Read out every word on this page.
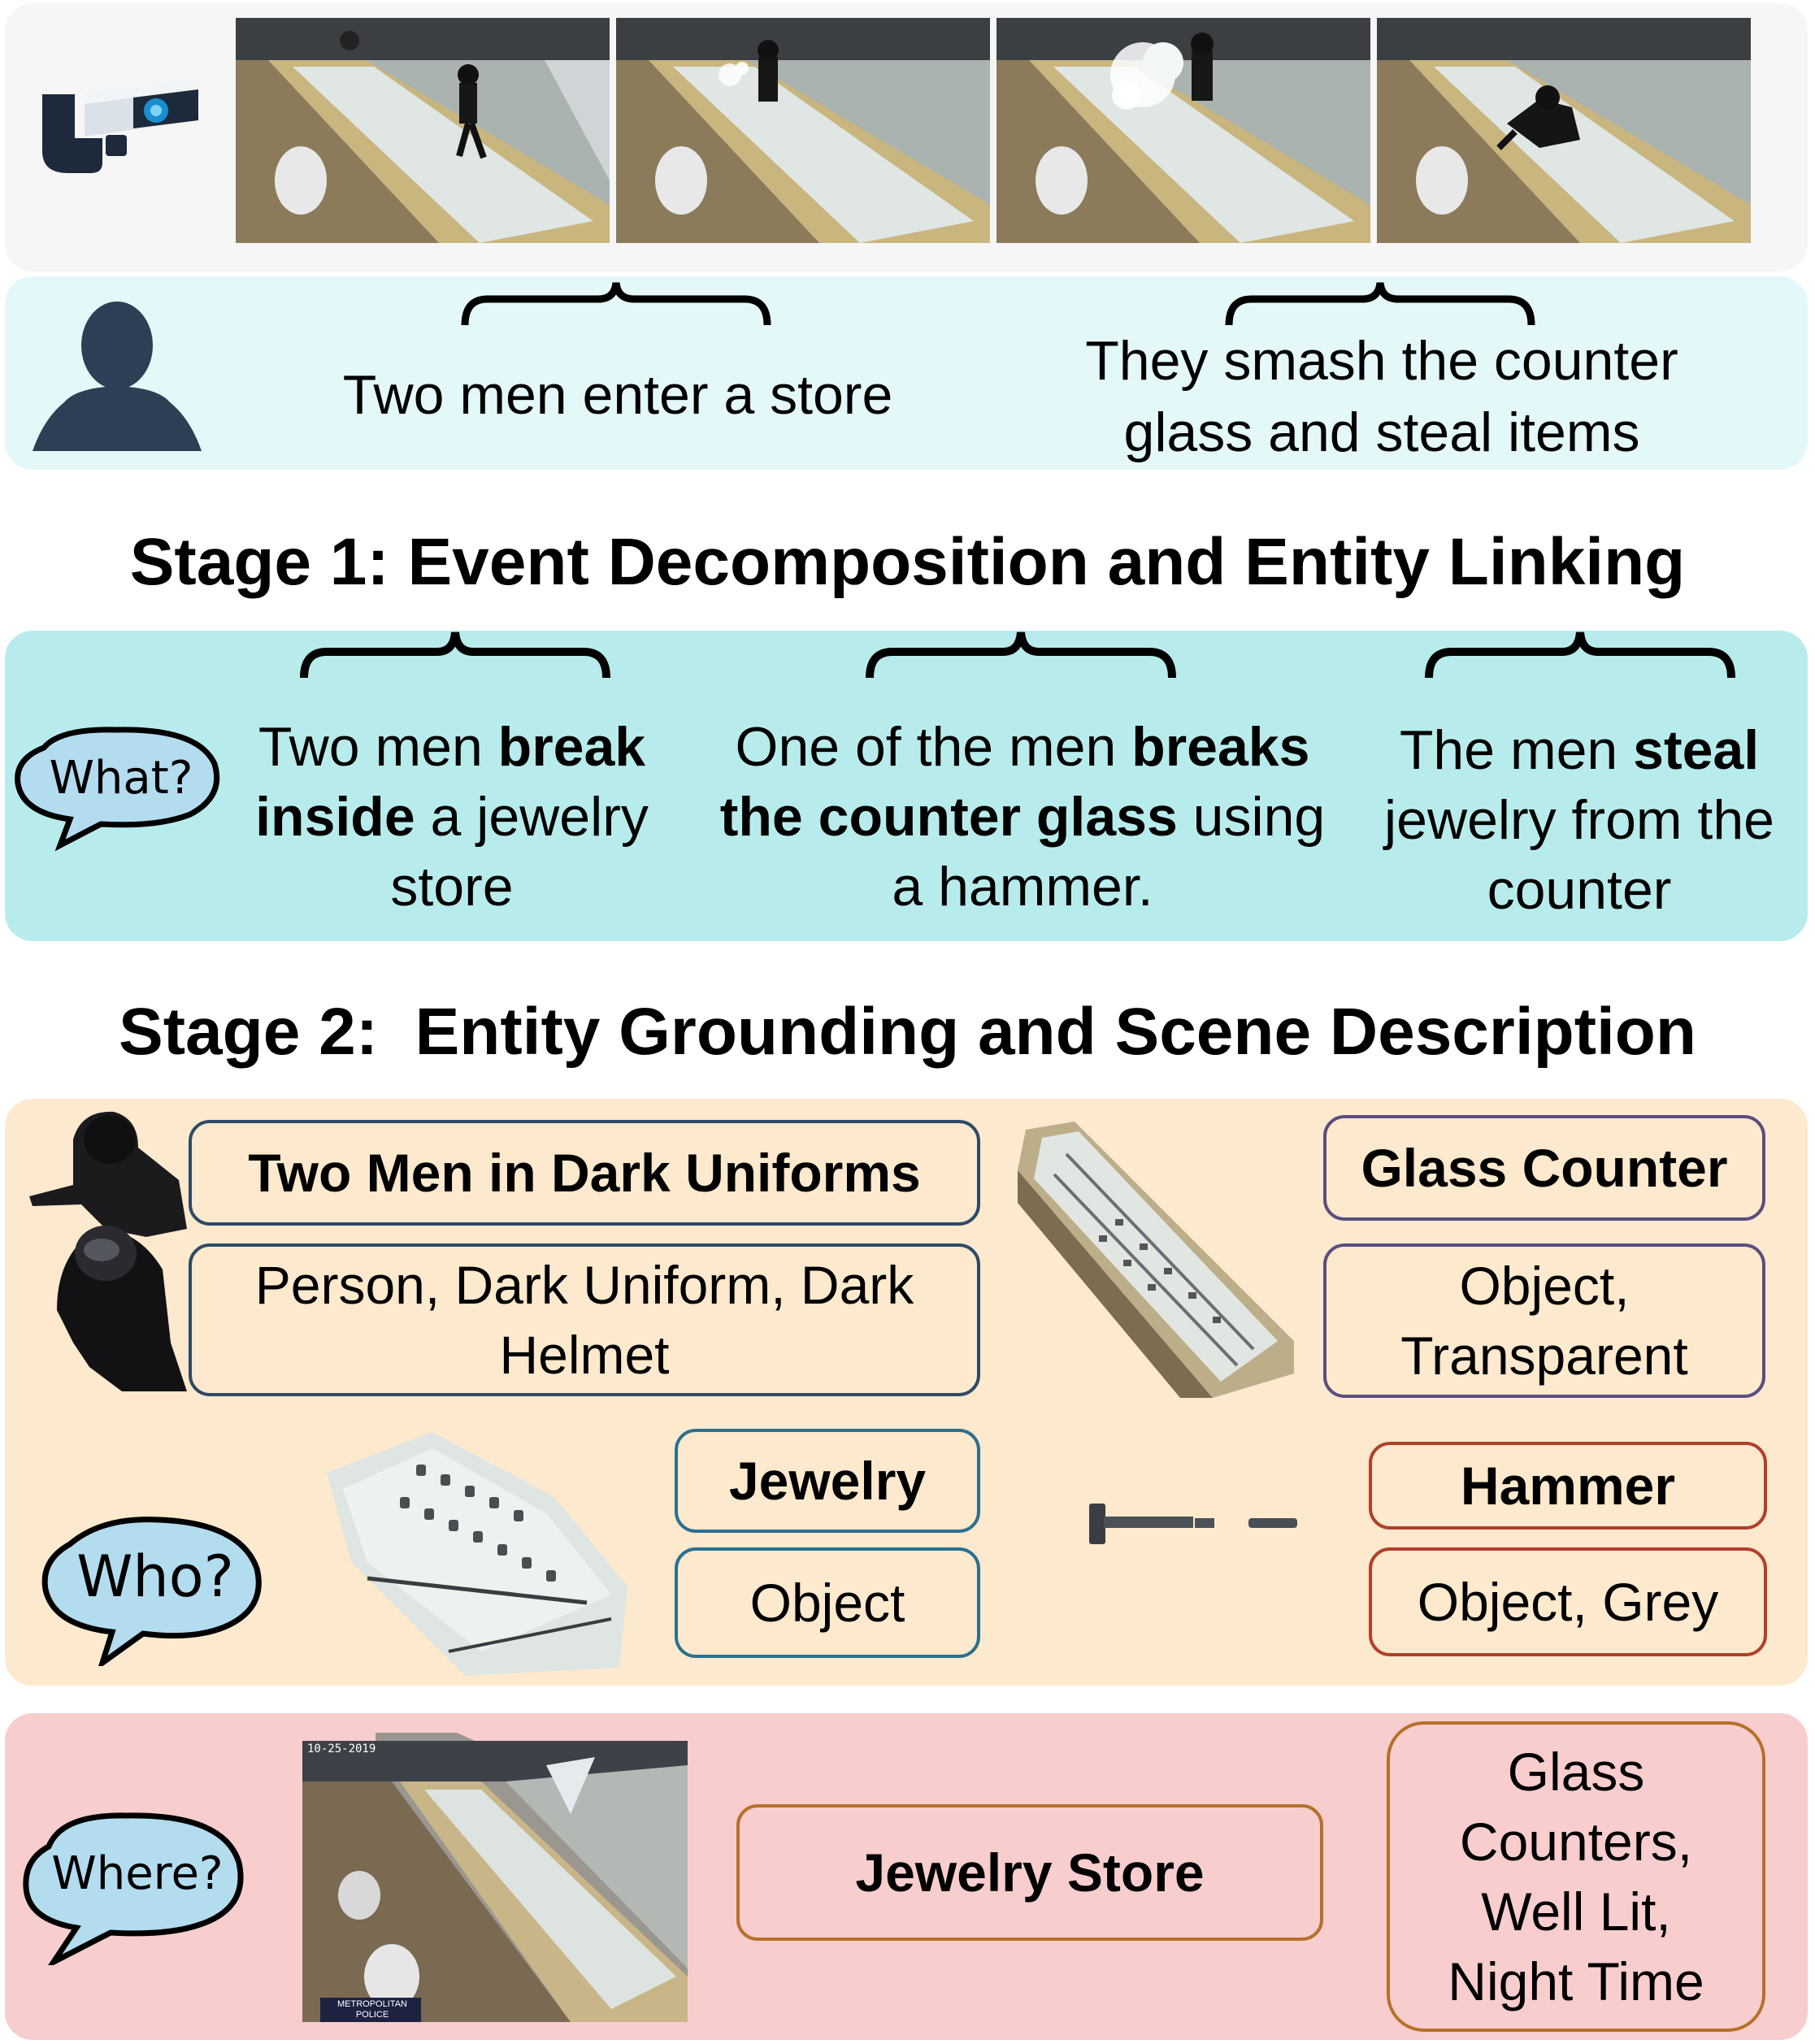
Two men enter a store
They smash the counter glass and steal items
Stage 1: Event Decomposition and Entity Linking
What?
Two men break inside a jewelry store
One of the men breaks the counter glass using a hammer.
The men steal jewelry from the counter
Stage 2:  Entity Grounding and Scene Description
Two Men in Dark Uniforms
Person, Dark Uniform, Dark Helmet
Glass Counter
Object, Transparent
Who?
Jewelry
Object
Hammer
Object, Grey
Where?
10-25-2019
METROPOLITAN
POLICE
Jewelry Store
Glass Counters, Well Lit, Night Time
